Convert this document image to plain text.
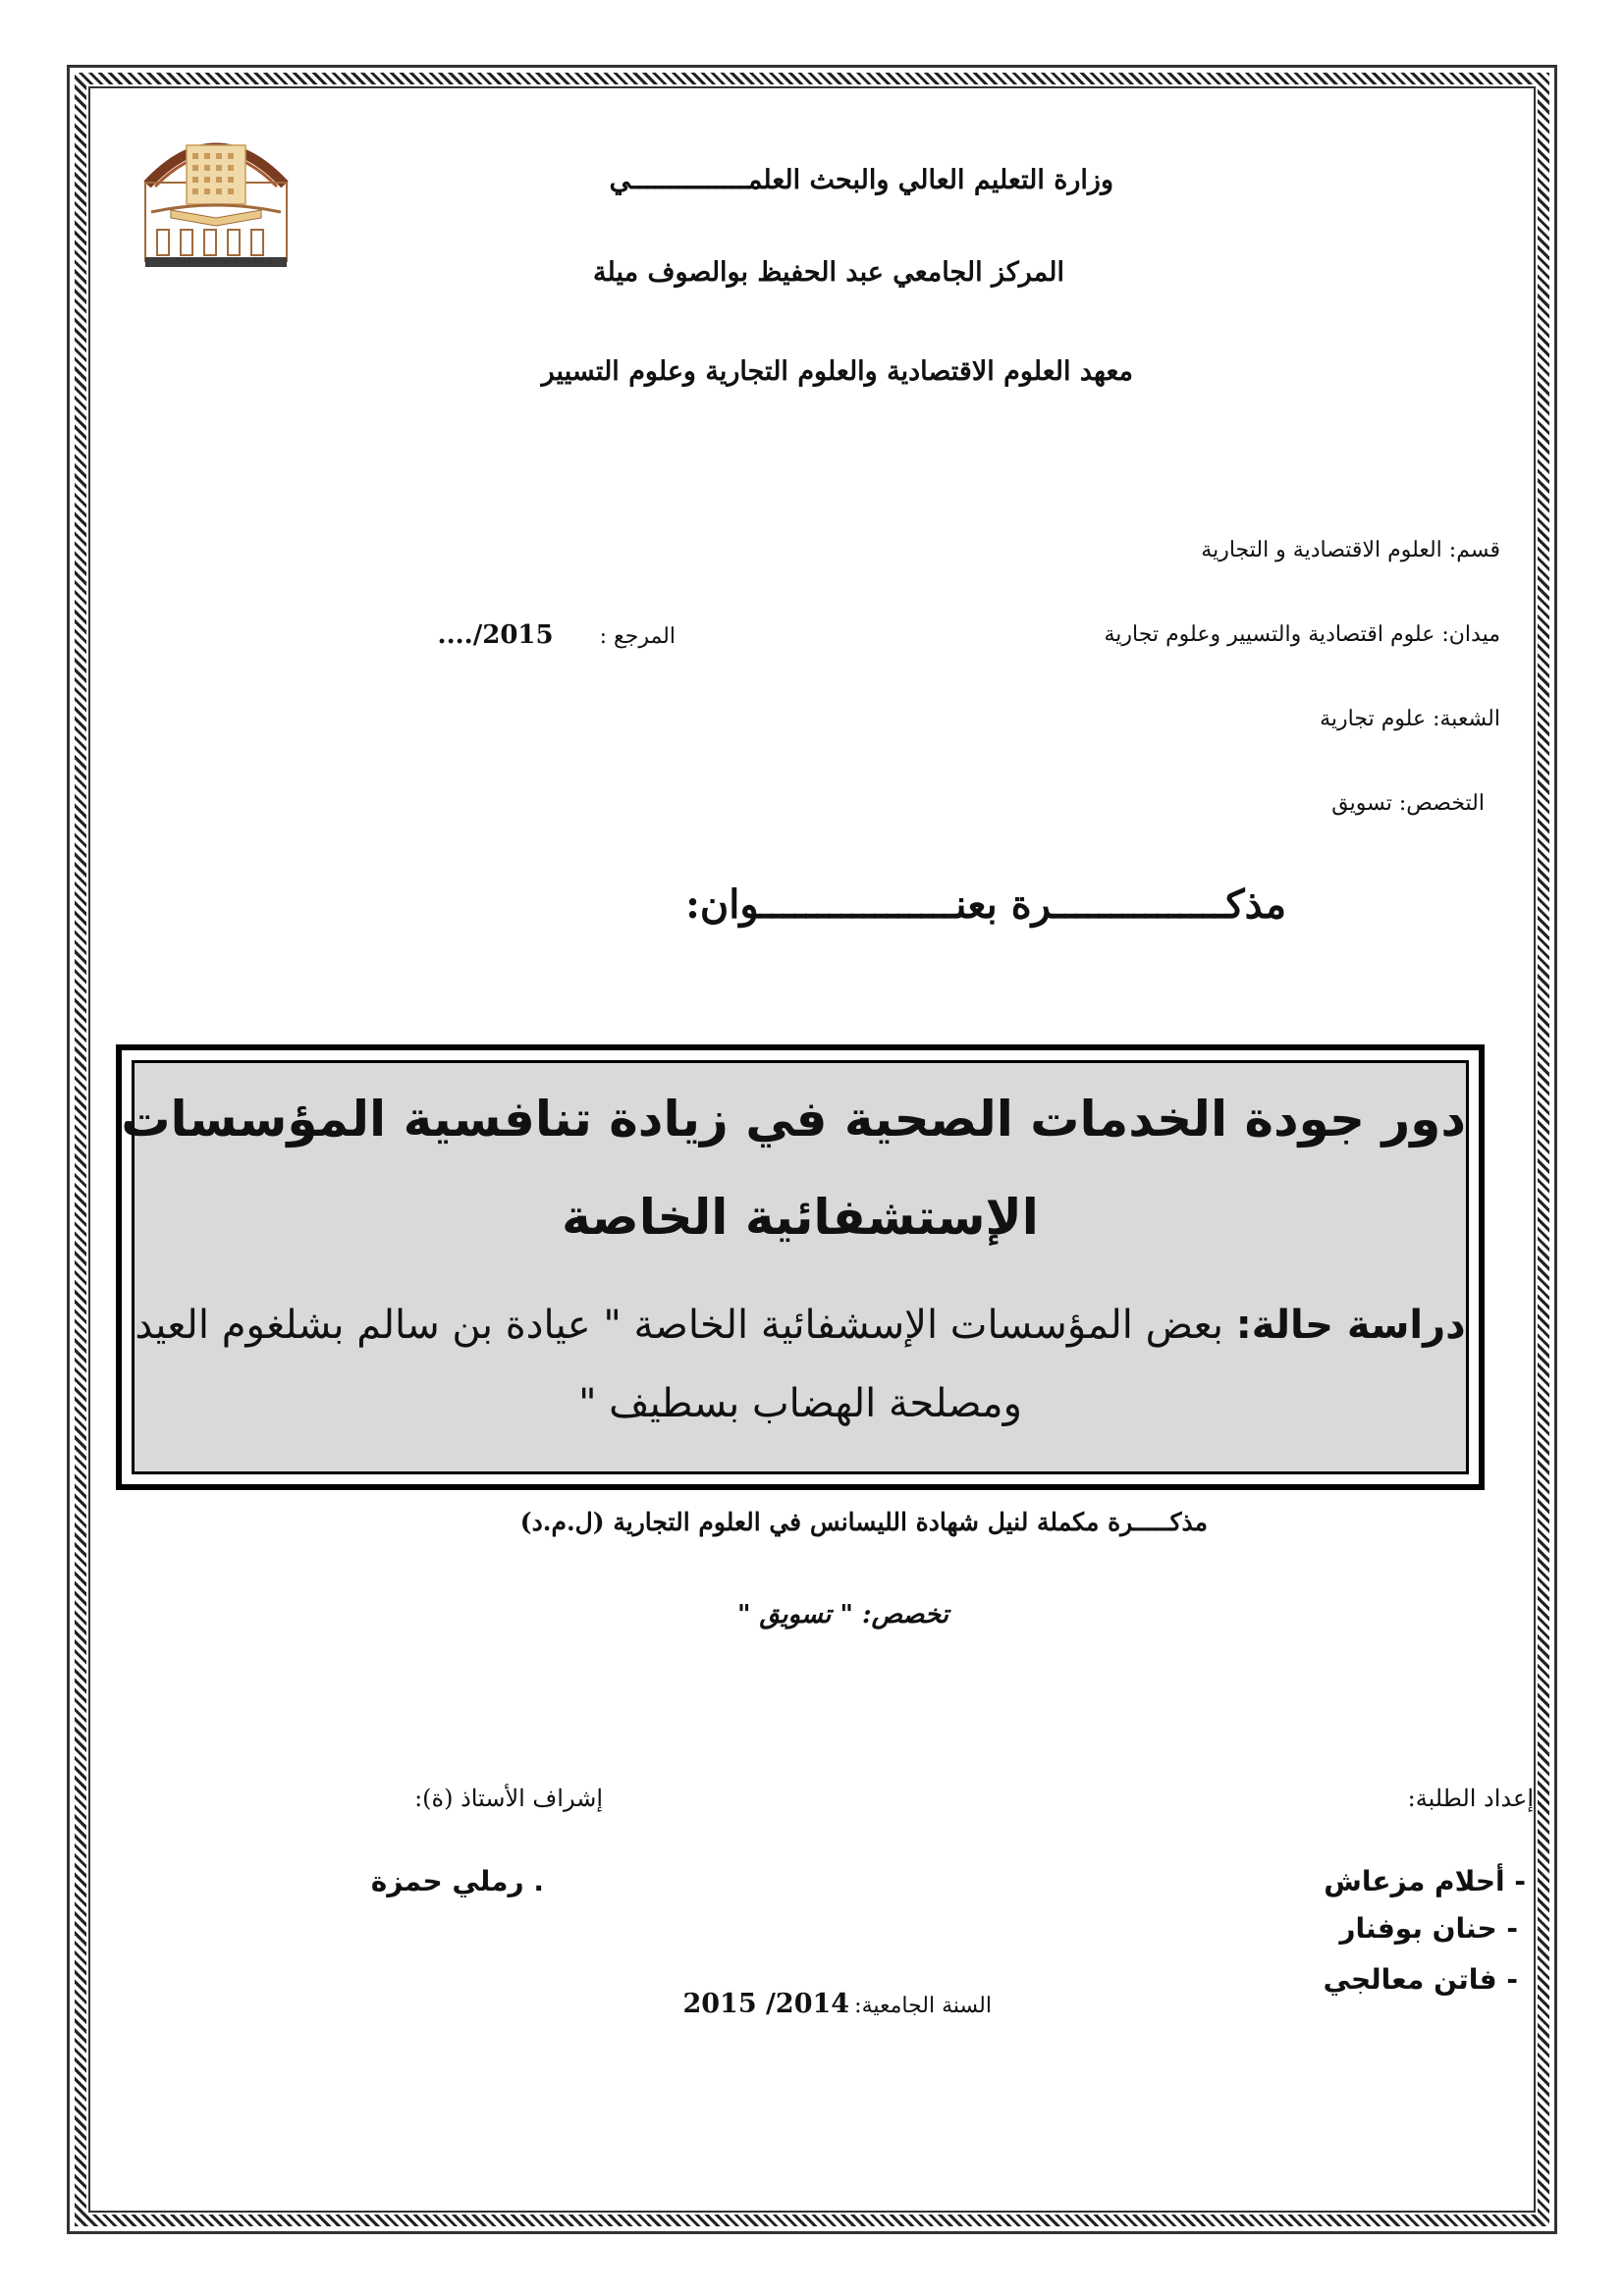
Centre Universitaire de MILA
وزارة التعليم العالي والبحث العلمـــــــــــــــي
المركز الجامعي عبد الحفيظ بوالصوف ميلة
معهد العلوم الاقتصادية والعلوم التجارية وعلوم التسيير
قسم: العلوم الاقتصادية و التجارية
ميدان: علوم اقتصادية والتسيير وعلوم تجارية
المرجع : 2015/....
الشعبة: علوم تجارية
التخصص: تسويق
مذكـــــــــــــــرة بعنـــــــــــــــــوان:
دور جودة الخدمات الصحية في زيادة تنافسية المؤسسات
الإستشفائية الخاصة
دراسة حالة: بعض المؤسسات الإسشفائية الخاصة " عيادة بن سالم بشلغوم العيد
ومصلحة الهضاب بسطيف "
مذكـــــرة مكملة لنيل شهادة الليسانس في العلوم التجارية (ل.م.د)
تخصص: " تسويق "
إعداد الطلبة:
إشراف الأستاذ (ة):
- أحلام مزعاش
- حنان بوفنار
- فاتن معالجي
. رملي حمزة
السنة الجامعية: 2014/ 2015
